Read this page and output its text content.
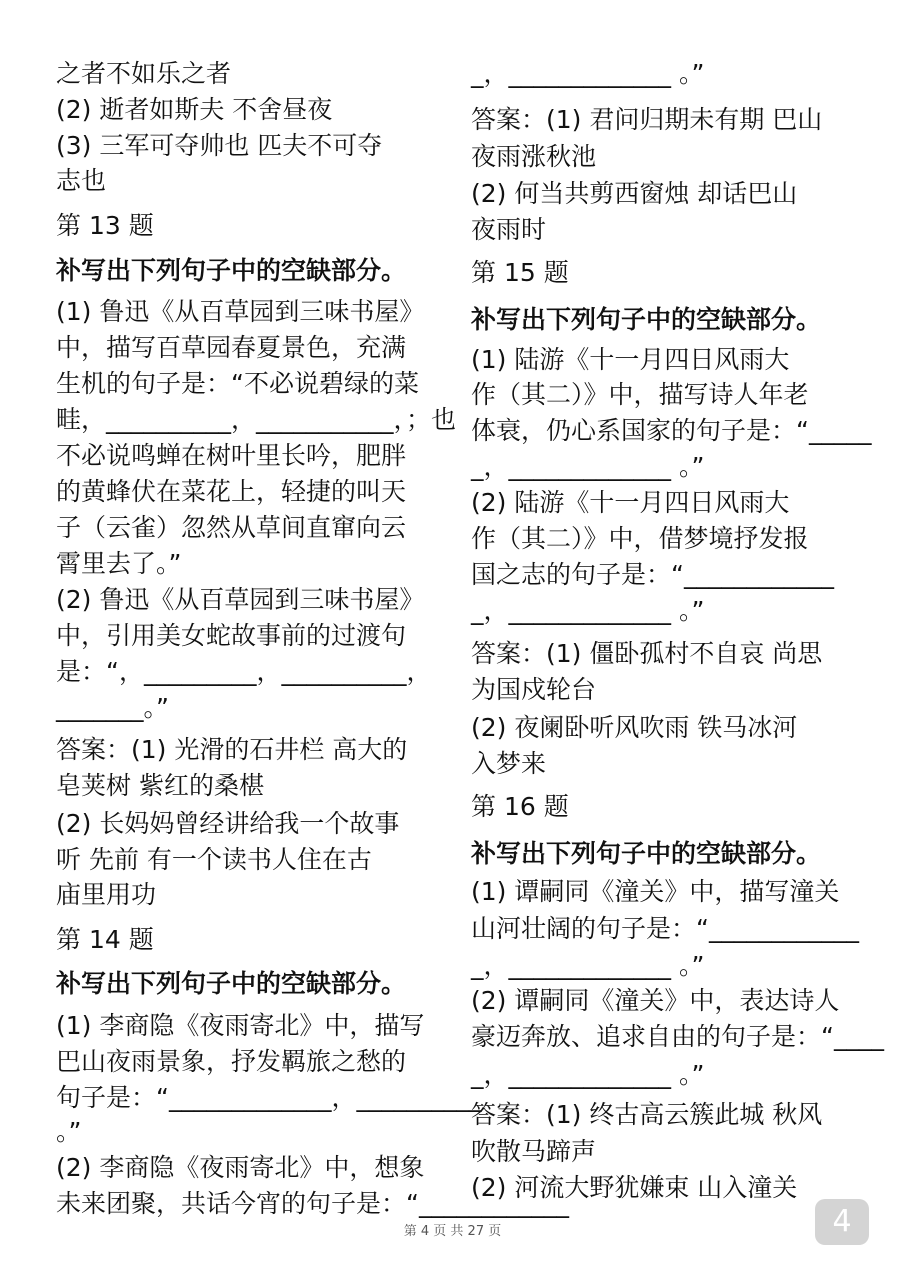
之者不如乐之者
(2) 逝者如斯夫 不舍昼夜
(3) 三军可夺帅也 匹夫不可夺
志也
第 13 题
补写出下列句子中的空缺部分。
(1) 鲁迅《从百草园到三味书屋》
中，描写百草园春夏景色，充满
生机的句子是：“不必说碧绿的菜
畦，__________，___________，；也
不必说鸣蝉在树叶里长吟，肥胖
的黄蜂伏在菜花上，轻捷的叫天
子（云雀）忽然从草间直窜向云
霄里去了。”
(2) 鲁迅《从百草园到三味书屋》
中，引用美女蛇故事前的过渡句
是：“，_________，__________，
_______。”
答案：(1) 光滑的石井栏 高大的
皂荚树 紫红的桑椹
(2) 长妈妈曾经讲给我一个故事
听 先前 有一个读书人住在古
庙里用功
第 14 题
补写出下列句子中的空缺部分。
(1) 李商隐《夜雨寄北》中，描写
巴山夜雨景象，抒发羁旅之愁的
句子是：“_____________，__________
。”
(2) 李商隐《夜雨寄北》中，想象
未来团聚，共话今宵的句子是：“____________
_，_____________ 。”
答案：(1) 君问归期未有期 巴山
夜雨涨秋池
(2) 何当共剪西窗烛 却话巴山
夜雨时
第 15 题
补写出下列句子中的空缺部分。
(1) 陆游《十一月四日风雨大
作（其二）》中，描写诗人年老
体衰，仍心系国家的句子是：“_____
_，_____________ 。”
(2) 陆游《十一月四日风雨大
作（其二）》中，借梦境抒发报
国之志的句子是：“____________
_，_____________ 。”
答案：(1) 僵卧孤村不自哀 尚思
为国戍轮台
(2) 夜阑卧听风吹雨 铁马冰河
入梦来
第 16 题
补写出下列句子中的空缺部分。
(1) 谭嗣同《潼关》中，描写潼关
山河壮阔的句子是：“____________
_，_____________ 。”
(2) 谭嗣同《潼关》中，表达诗人
豪迈奔放、追求自由的句子是：“____
_，_____________ 。”
答案：(1) 终古高云簇此城 秋风
吹散马蹄声
(2) 河流大野犹嫌束 山入潼关
第 4 页 共 27 页	4
